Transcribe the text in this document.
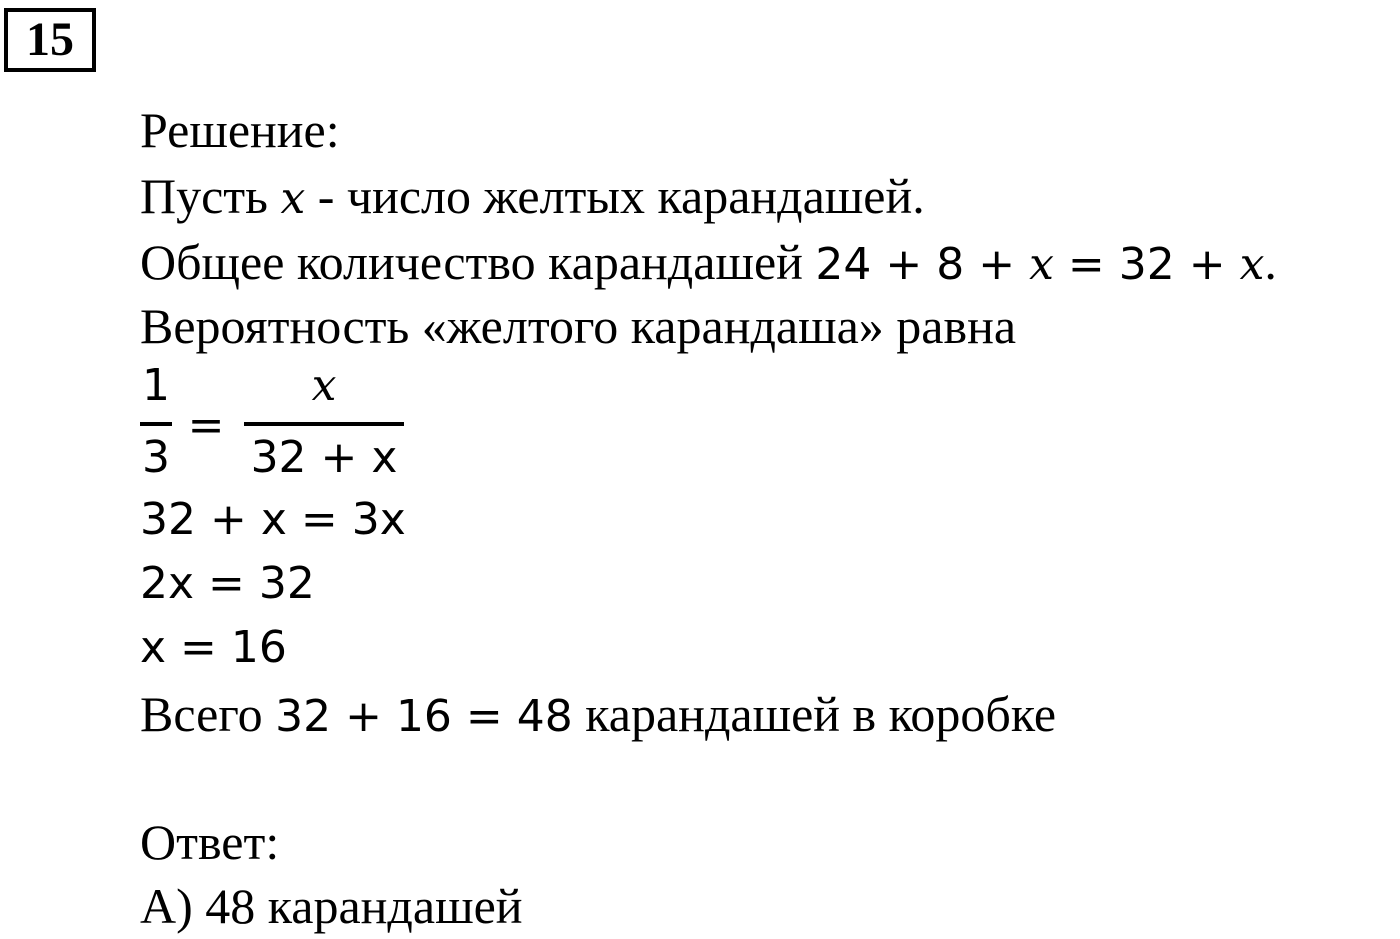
15
Решение:
Пусть x - число желтых карандашей.
Общее количество карандашей 24 + 8 + x = 32 + x.
Вероятность «желтого карандаша» равна
1
3
=
x
32 + x
32 + x = 3x
2x = 32
x = 16
Всего 32 + 16 = 48 карандашей в коробке
Ответ:
А) 48 карандашей
